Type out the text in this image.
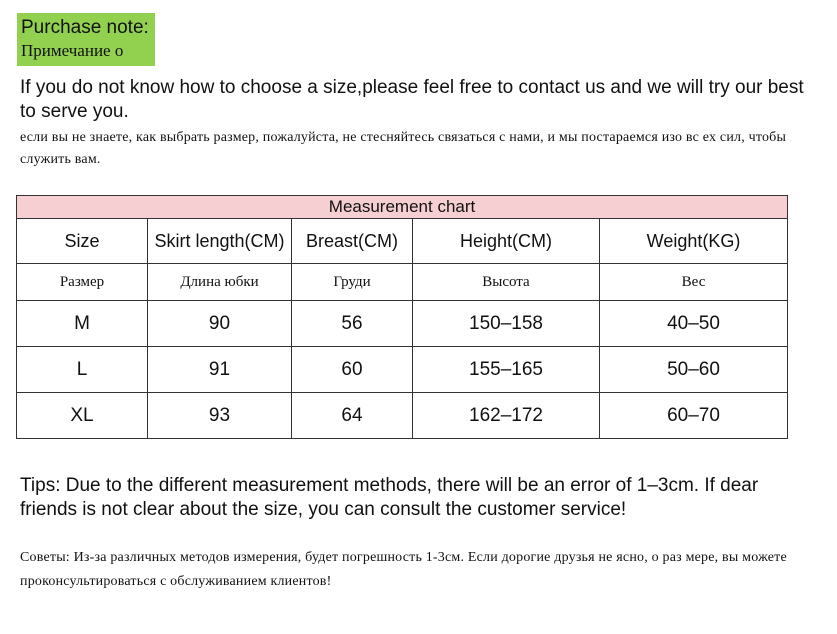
Purchase note:
Примечание о

If you do not know how to choose a size,please feel free to contact us and we will try our best to serve you.

если вы не знаете, как выбрать размер, пожалуйста, не стесняйтесь связаться с нами, и мы постараемся изо вс ех сил, чтобы служить вам.

Measurement chart				
Size	Skirt length(CM)	Breast(CM)	Height(CM)	Weight(KG)
Размер	Длина юбки	Груди	Высота	Вес
M	90	56	150–158	40–50
L	91	60	155–165	50–60
XL	93	64	162–172	60–70

Tips: Due to the different measurement methods, there will be an error of 1–3cm. If dear friends is not clear about the size, you can consult the customer service!

Советы: Из-за различных методов измерения, будет погрешность 1-3см. Если дорогие друзья не ясно, о раз мере, вы можете проконсультироваться с обслуживанием клиентов!
